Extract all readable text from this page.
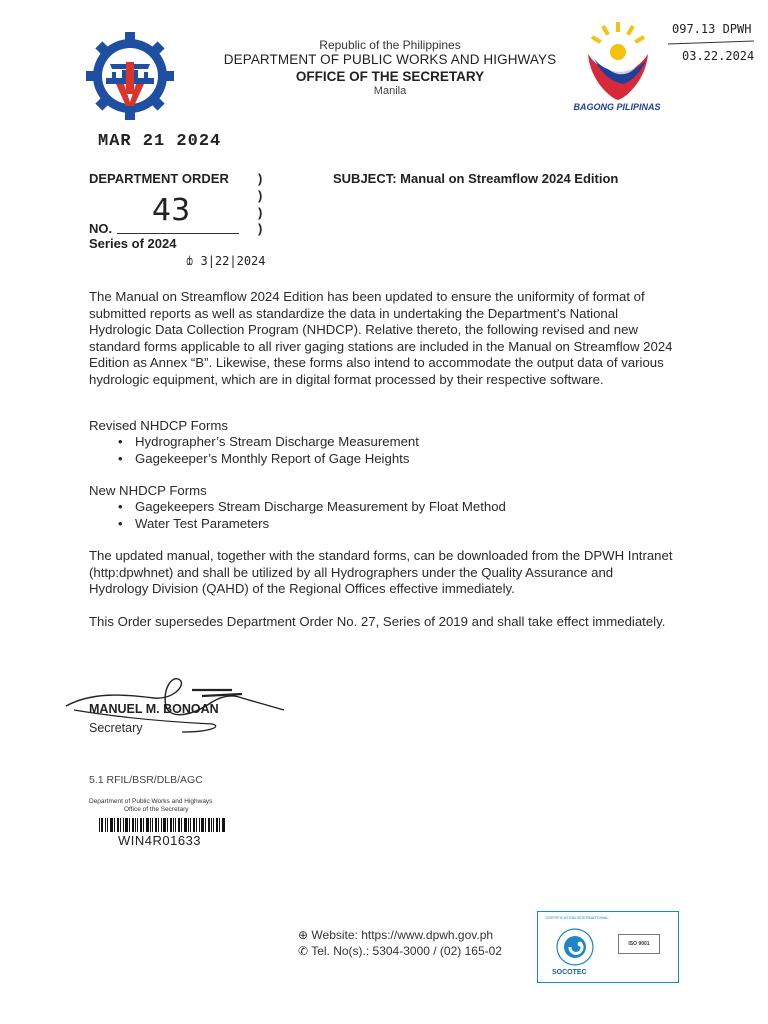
Republic of the Philippines
DEPARTMENT OF PUBLIC WORKS AND HIGHWAYS
OFFICE OF THE SECRETARY
Manila
BAGONG PILIPINAS
097.13 DPWH
03.22.2024
MAR 21 2024
DEPARTMENT ORDER )
)
)
)
SUBJECT: Manual on Streamflow 2024 Edition
NO.
43
Series of 2024
ȸ 3|22|2024
The Manual on Streamflow 2024 Edition has been updated to ensure the uniformity of format of submitted reports as well as standardize the data in undertaking the Department’s National Hydrologic Data Collection Program (NHDCP). Relative thereto, the following revised and new standard forms applicable to all river gaging stations are included in the Manual on Streamflow 2024 Edition as Annex “B”. Likewise, these forms also intend to accommodate the output data of various hydrologic equipment, which are in digital format processed by their respective software.
Revised NHDCP Forms
• Hydrographer’s Stream Discharge Measurement
• Gagekeeper’s Monthly Report of Gage Heights
New NHDCP Forms
• Gagekeepers Stream Discharge Measurement by Float Method
• Water Test Parameters
The updated manual, together with the standard forms, can be downloaded from the DPWH Intranet (http:dpwhnet) and shall be utilized by all Hydrographers under the Quality Assurance and Hydrology Division (QAHD) of the Regional Offices effective immediately.
This Order supersedes Department Order No. 27, Series of 2019 and shall take effect immediately.
MANUEL M. BONOAN
Secretary
5.1 RFIL/BSR/DLB/AGC
Department of Public Works and Highways
Office of the Secretary
WIN4R01633
⊕ Website: https://www.dpwh.gov.ph
✆ Tel. No(s).: 5304-3000 / (02) 165-02
CERTIFICATION INTERNATIONAL
SOCOTEC
ISO 9001
